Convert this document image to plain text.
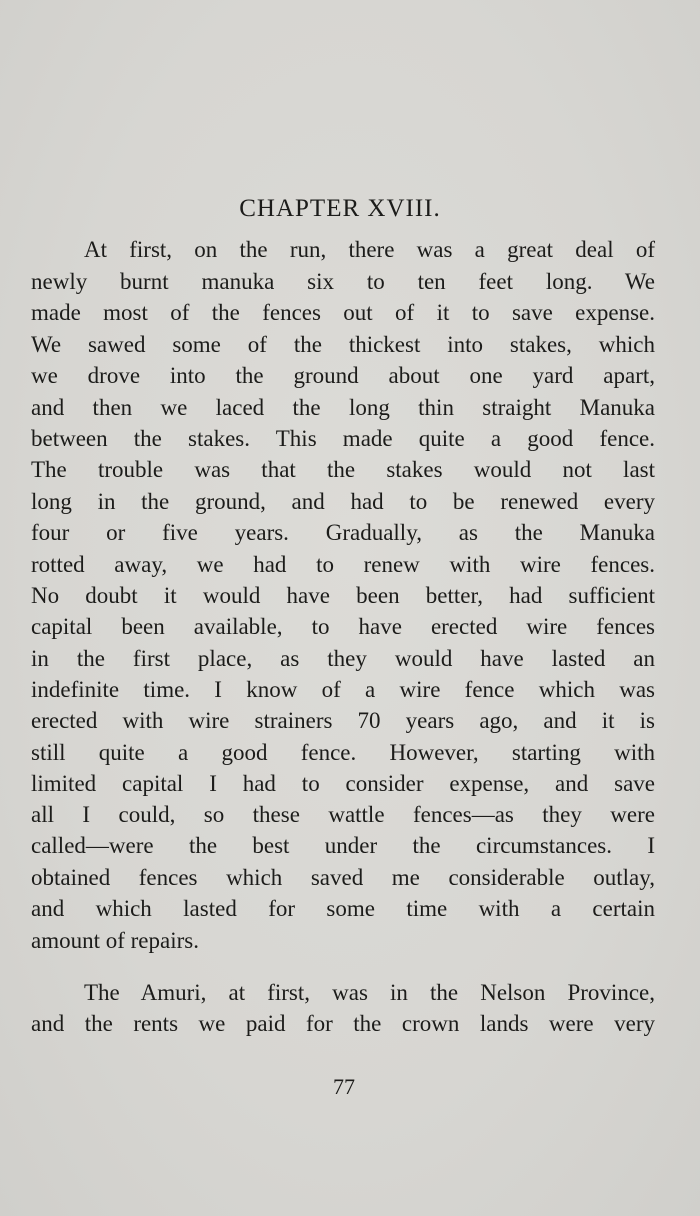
CHAPTER XVIII.
At first, on the run, there was a great deal of
newly burnt manuka six to ten feet long. We
made most of the fences out of it to save expense.
We sawed some of the thickest into stakes, which
we drove into the ground about one yard apart,
and then we laced the long thin straight Manuka
between the stakes. This made quite a good fence.
The trouble was that the stakes would not last
long in the ground, and had to be renewed every
four or five years. Gradually, as the Manuka
rotted away, we had to renew with wire fences.
No doubt it would have been better, had sufficient
capital been available, to have erected wire fences
in the first place, as they would have lasted an
indefinite time. I know of a wire fence which was
erected with wire strainers 70 years ago, and it is
still quite a good fence. However, starting with
limited capital I had to consider expense, and save
all I could, so these wattle fences—as they were
called—were the best under the circumstances. I
obtained fences which saved me considerable outlay,
and which lasted for some time with a certain
amount of repairs.
The Amuri, at first, was in the Nelson Province,
and the rents we paid for the crown lands were very
77
